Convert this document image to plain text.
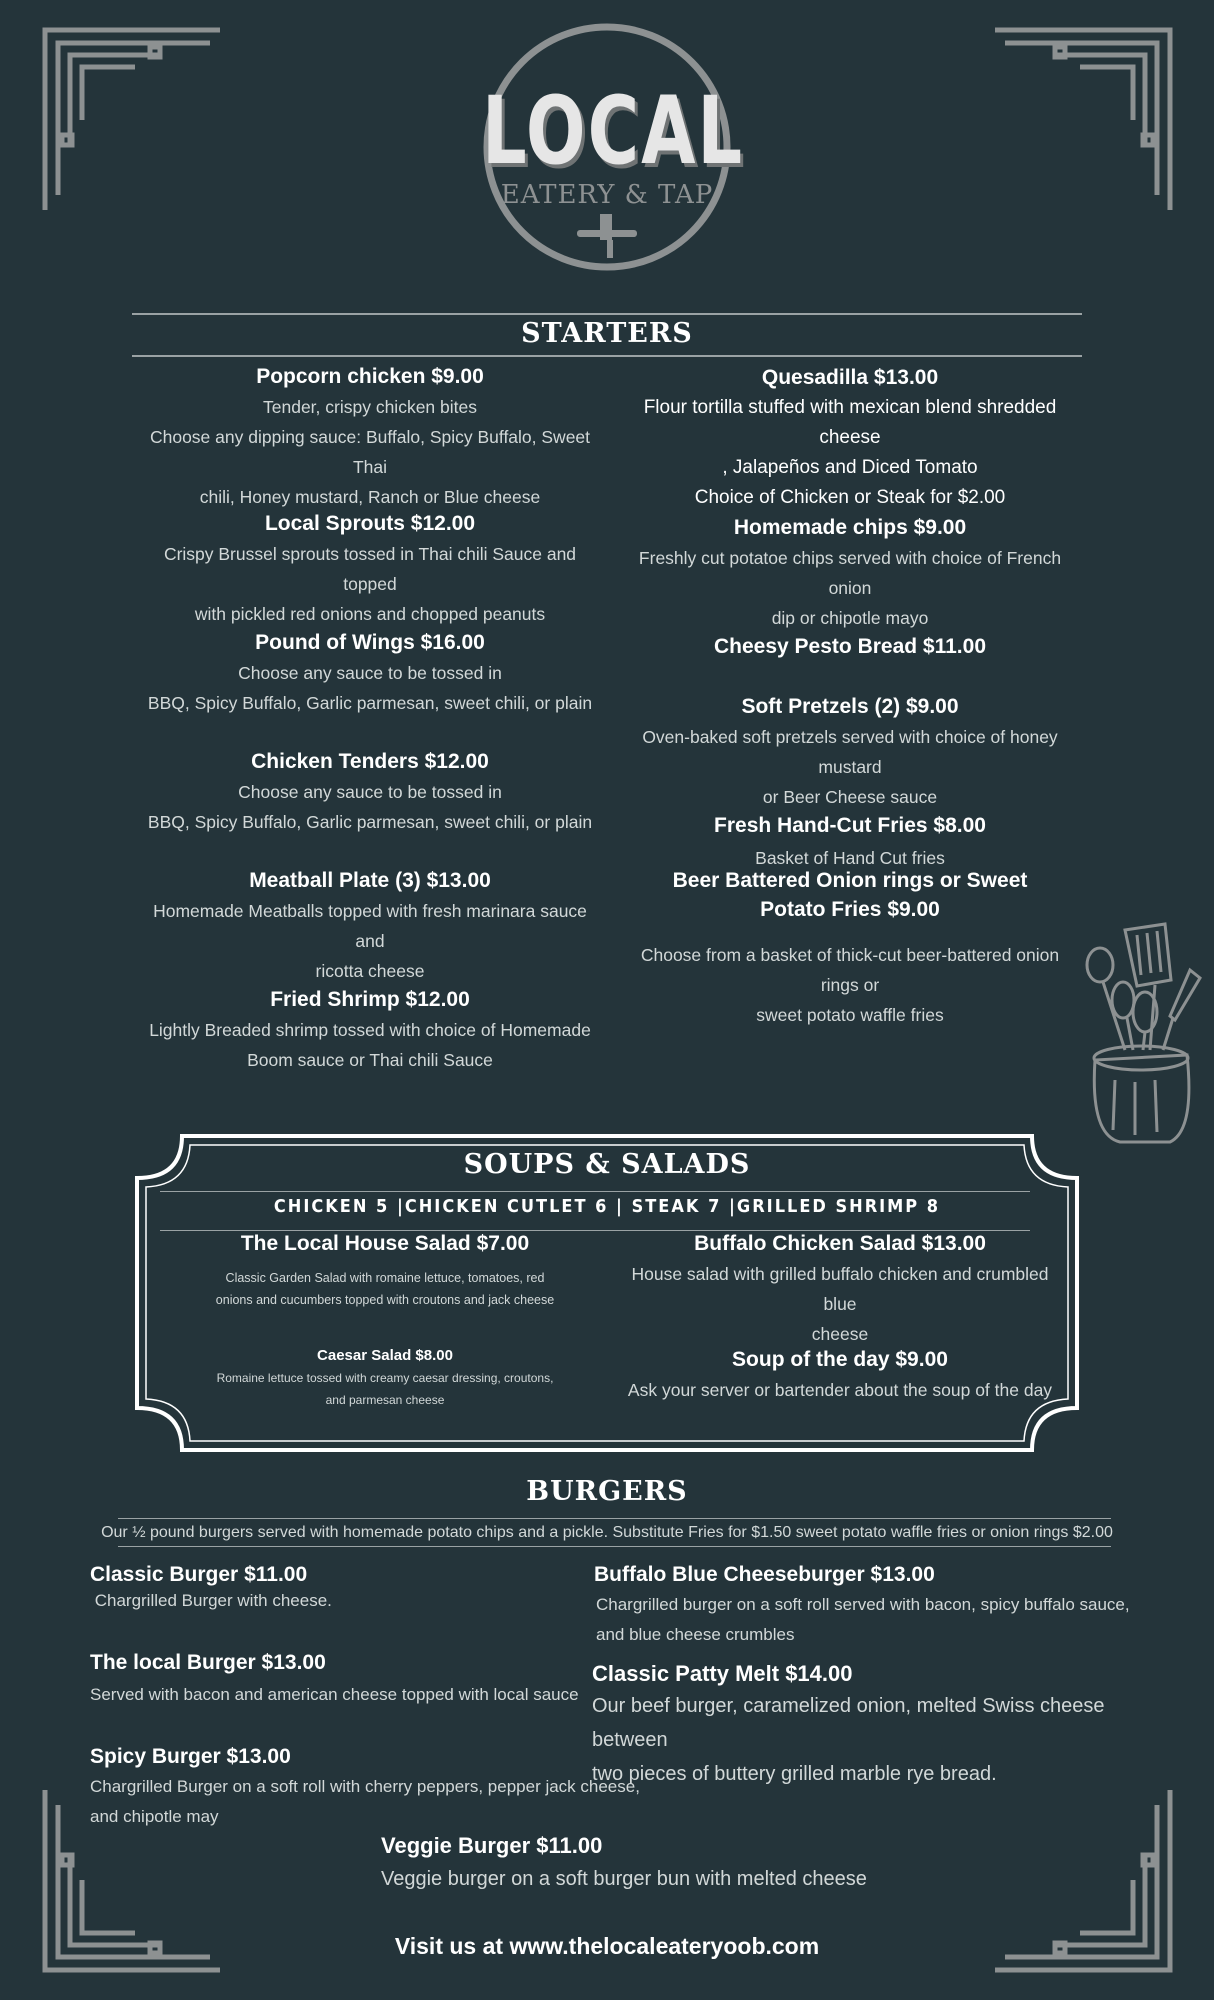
LOCAL
EATERY & TAP
STARTERS
Popcorn chicken $9.00
Tender, crispy chicken bites
Choose any dipping sauce: Buffalo, Spicy Buffalo, Sweet Thai
chili, Honey mustard, Ranch or Blue cheese
Local Sprouts $12.00
Crispy Brussel sprouts tossed in Thai chili Sauce and topped
with pickled red onions and chopped peanuts
Pound of Wings $16.00
Choose any sauce to be tossed in
BBQ, Spicy Buffalo, Garlic parmesan, sweet chili, or plain
Chicken Tenders $12.00
Choose any sauce to be tossed in
BBQ, Spicy Buffalo, Garlic parmesan, sweet chili, or plain
Meatball Plate (3) $13.00
Homemade Meatballs topped with fresh marinara sauce and
ricotta cheese
Fried Shrimp $12.00
Lightly Breaded shrimp tossed with choice of Homemade
Boom sauce or Thai chili Sauce
Quesadilla $13.00
Flour tortilla stuffed with mexican blend shredded cheese
, Jalapeños and Diced Tomato
Choice of Chicken or Steak for $2.00
Homemade chips $9.00
Freshly cut potatoe chips served with choice of French onion
dip or chipotle mayo
Cheesy Pesto Bread $11.00
Soft Pretzels (2) $9.00
Oven-baked soft pretzels served with choice of honey mustard
or Beer Cheese sauce
Fresh Hand-Cut Fries $8.00
Basket of Hand Cut fries
Beer Battered Onion rings or Sweet Potato Fries $9.00
Choose from a basket of thick-cut beer-battered onion rings or
sweet potato waffle fries
SOUPS & SALADS
CHICKEN 5 |CHICKEN CUTLET 6 | STEAK 7 |GRILLED SHRIMP 8
The Local House Salad $7.00
Classic Garden Salad with romaine lettuce, tomatoes, red
onions and cucumbers topped with croutons and jack cheese
Caesar Salad $8.00
Romaine lettuce tossed with creamy caesar dressing, croutons,
and parmesan cheese
Buffalo Chicken Salad $13.00
House salad with grilled buffalo chicken and crumbled blue
cheese
Soup of the day $9.00
Ask your server or bartender about the soup of the day
BURGERS
Our ½ pound burgers served with homemade potato chips and a pickle. Substitute Fries for $1.50 sweet potato waffle fries or onion rings $2.00
Classic Burger $11.00
Chargrilled Burger with cheese.
Buffalo Blue Cheeseburger $13.00
Chargrilled burger on a soft roll served with bacon, spicy buffalo sauce,
and blue cheese crumbles
The local Burger $13.00
Served with bacon and american cheese topped with local sauce
Classic Patty Melt $14.00
Our beef burger, caramelized onion, melted Swiss cheese between
two pieces of buttery grilled marble rye bread.
Spicy Burger $13.00
Chargrilled Burger on a soft roll with cherry peppers, pepper jack cheese,
and chipotle may
Veggie Burger $11.00
Veggie burger on a soft burger bun with melted cheese
Visit us at www.thelocaleateryoob.com
